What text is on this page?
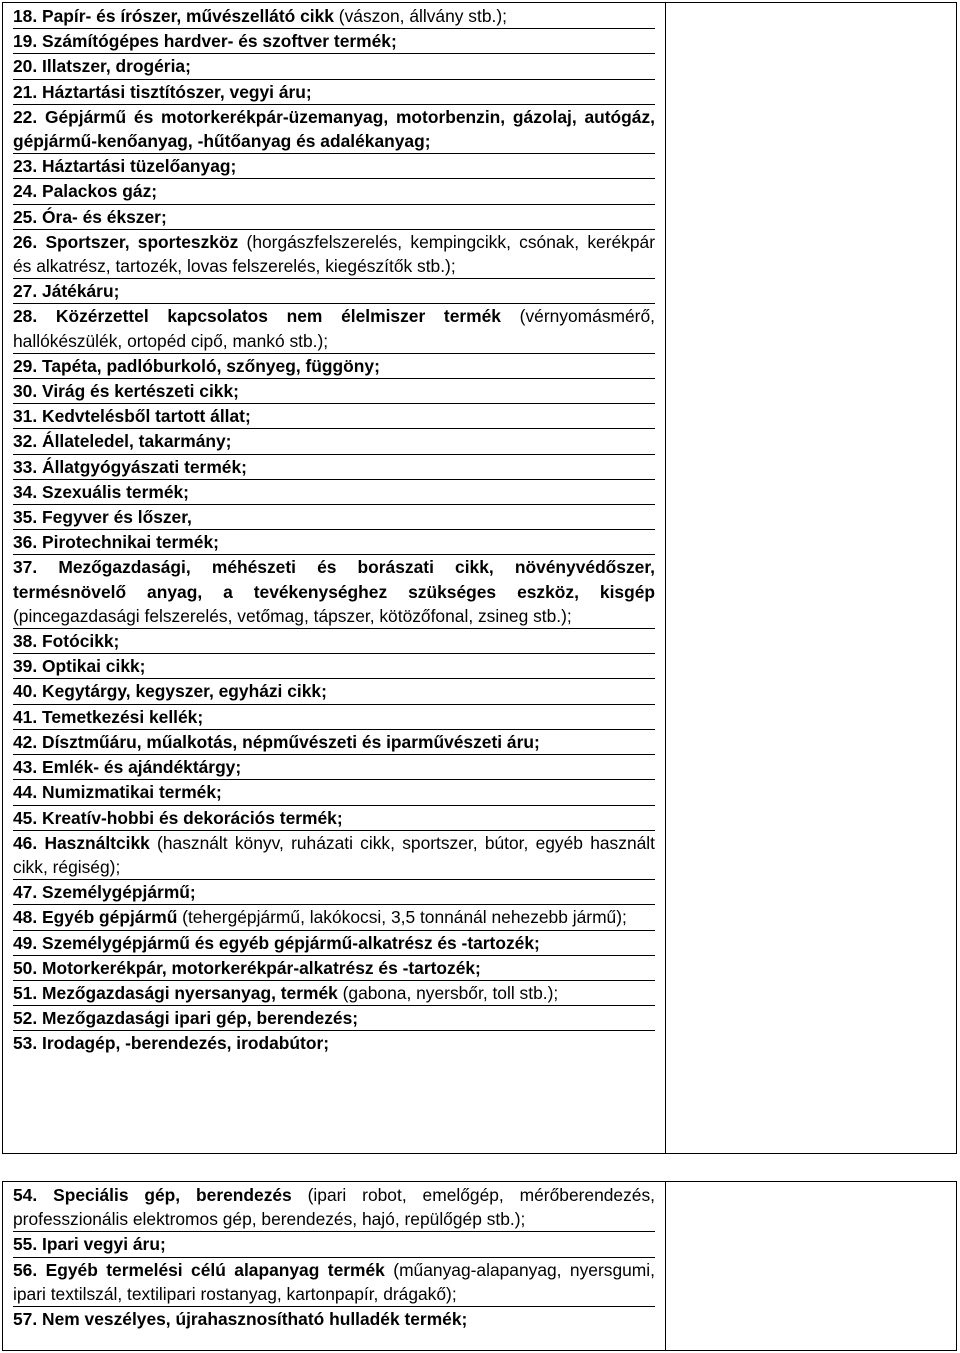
18. Papír- és írószer, művészellátó cikk (vászon, állvány stb.);
19. Számítógépes hardver- és szoftver termék;
20. Illatszer, drogéria;
21. Háztartási tisztítószer, vegyi áru;
22. Gépjármű és motorkerékpár-üzemanyag, motorbenzin, gázolaj, autógáz, gépjármű-kenőanyag, -hűtőanyag és adalékanyag;
23. Háztartási tüzelőanyag;
24. Palackos gáz;
25. Óra- és ékszer;
26. Sportszer, sporteszköz (horgászfelszerelés, kempingcikk, csónak, kerékpár és alkatrész, tartozék, lovas felszerelés, kiegészítők stb.);
27. Játékáru;
28. Közérzettel kapcsolatos nem élelmiszer termék (vérnyomásmérő, hallókészülék, ortopéd cipő, mankó stb.);
29. Tapéta, padlóburkoló, szőnyeg, függöny;
30. Virág és kertészeti cikk;
31. Kedvtelésből tartott állat;
32. Állateledel, takarmány;
33. Állatgyógyászati termék;
34. Szexuális termék;
35. Fegyver és lőszer,
36. Pirotechnikai termék;
37. Mezőgazdasági, méhészeti és borászati cikk, növényvédőszer, termésnövelő anyag, a tevékenységhez szükséges eszköz, kisgép (pincegazdasági felszerelés, vetőmag, tápszer, kötözőfonal, zsineg stb.);
38. Fotócikk;
39. Optikai cikk;
40. Kegytárgy, kegyszer, egyházi cikk;
41. Temetkezési kellék;
42. Dísztműáru, műalkotás, népművészeti és iparművészeti áru;
43. Emlék- és ajándéktárgy;
44. Numizmatikai termék;
45. Kreatív-hobbi és dekorációs termék;
46. Használtcikk (használt könyv, ruházati cikk, sportszer, bútor, egyéb használt cikk, régiség);
47. Személygépjármű;
48. Egyéb gépjármű (tehergépjármű, lakókocsi, 3,5 tonnánál nehezebb jármű);
49. Személygépjármű és egyéb gépjármű-alkatrész és -tartozék;
50. Motorkerékpár, motorkerékpár-alkatrész és -tartozék;
51. Mezőgazdasági nyersanyag, termék (gabona, nyersbőr, toll stb.);
52. Mezőgazdasági ipari gép, berendezés;
53. Irodagép, -berendezés, irodabútor;
54. Speciális gép, berendezés (ipari robot, emelőgép, mérőberendezés, professzionális elektromos gép, berendezés, hajó, repülőgép stb.);
55. Ipari vegyi áru;
56. Egyéb termelési célú alapanyag termék (műanyag-alapanyag, nyersgumi, ipari textilszál, textilipari rostanyag, kartonpapír, drágakő);
57. Nem veszélyes, újrahasznosítható hulladék termék;
